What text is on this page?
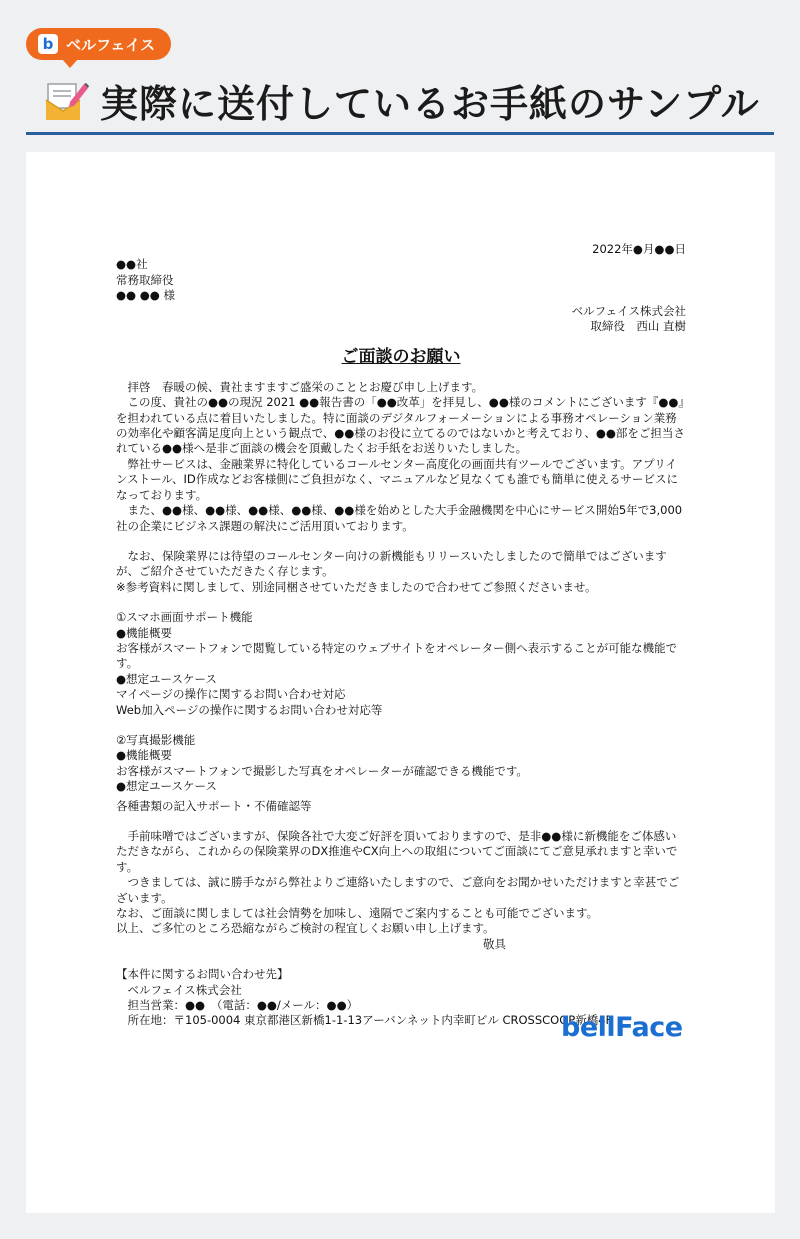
b ベルフェイス
実際に送付しているお手紙のサンプル

2022年●月●●日

●●社

常務取締役

●● ●● 様

ベルフェイス株式会社

取締役　西山 直樹

ご面談のお願い

　拝啓　春暖の候、貴社ますますご盛栄のこととお慶び申し上げます。

　この度、貴社の●●の現況 2021 ●●報告書の「●●改革」を拝見し、●●様のコメントにございます『●●』を担われている点に着目いたしました。特に面談のデジタルフォーメーションによる事務オペレーション業務の効率化や顧客満足度向上という観点で、●●様のお役に立てるのではないかと考えており、●●部をご担当されている●●様へ是非ご面談の機会を頂戴したくお手紙をお送りいたしました。

　弊社サービスは、金融業界に特化しているコールセンター高度化の画面共有ツールでございます。アプリインストール、ID作成などお客様側にご負担がなく、マニュアルなど見なくても誰でも簡単に使えるサービスになっております。

　また、●●様、●●様、●●様、●●様、●●様を始めとした大手金融機関を中心にサービス開始5年で3,000社の企業にビジネス課題の解決にご活用頂いております。

　なお、保険業界には待望のコールセンター向けの新機能もリリースいたしましたので簡単ではございますが、ご紹介させていただきたく存じます。

※参考資料に関しまして、別途同梱させていただきましたので合わせてご参照くださいませ。

①スマホ画面サポート機能

●機能概要

お客様がスマートフォンで閲覧している特定のウェブサイトをオペレーター側へ表示することが可能な機能です。

●想定ユースケース

マイページの操作に関するお問い合わせ対応

Web加入ページの操作に関するお問い合わせ対応等

②写真撮影機能

●機能概要

お客様がスマートフォンで撮影した写真をオペレーターが確認できる機能です。

●想定ユースケース

各種書類の記入サポート・不備確認等

　手前味噌ではございますが、保険各社で大変ご好評を頂いておりますので、是非●●様に新機能をご体感いただきながら、これからの保険業界のDX推進やCX向上への取組についてご面談にてご意見承れますと幸いです。

　つきましては、誠に勝手ながら弊社よりご連絡いたしますので、ご意向をお聞かせいただけますと幸甚でございます。

なお、ご面談に関しましては社会情勢を加味し、遠隔でご案内することも可能でございます。

以上、ご多忙のところ恐縮ながらご検討の程宜しくお願い申し上げます。

敬具

【本件に関するお問い合わせ先】

　ベルフェイス株式会社

　担当営業：●●　（電話：●●/メール：●●）

　所在地：〒105-0004 東京都港区新橋1-1-13アーバンネット内幸町ビル CROSSCOOP新橋4F

bellFace
